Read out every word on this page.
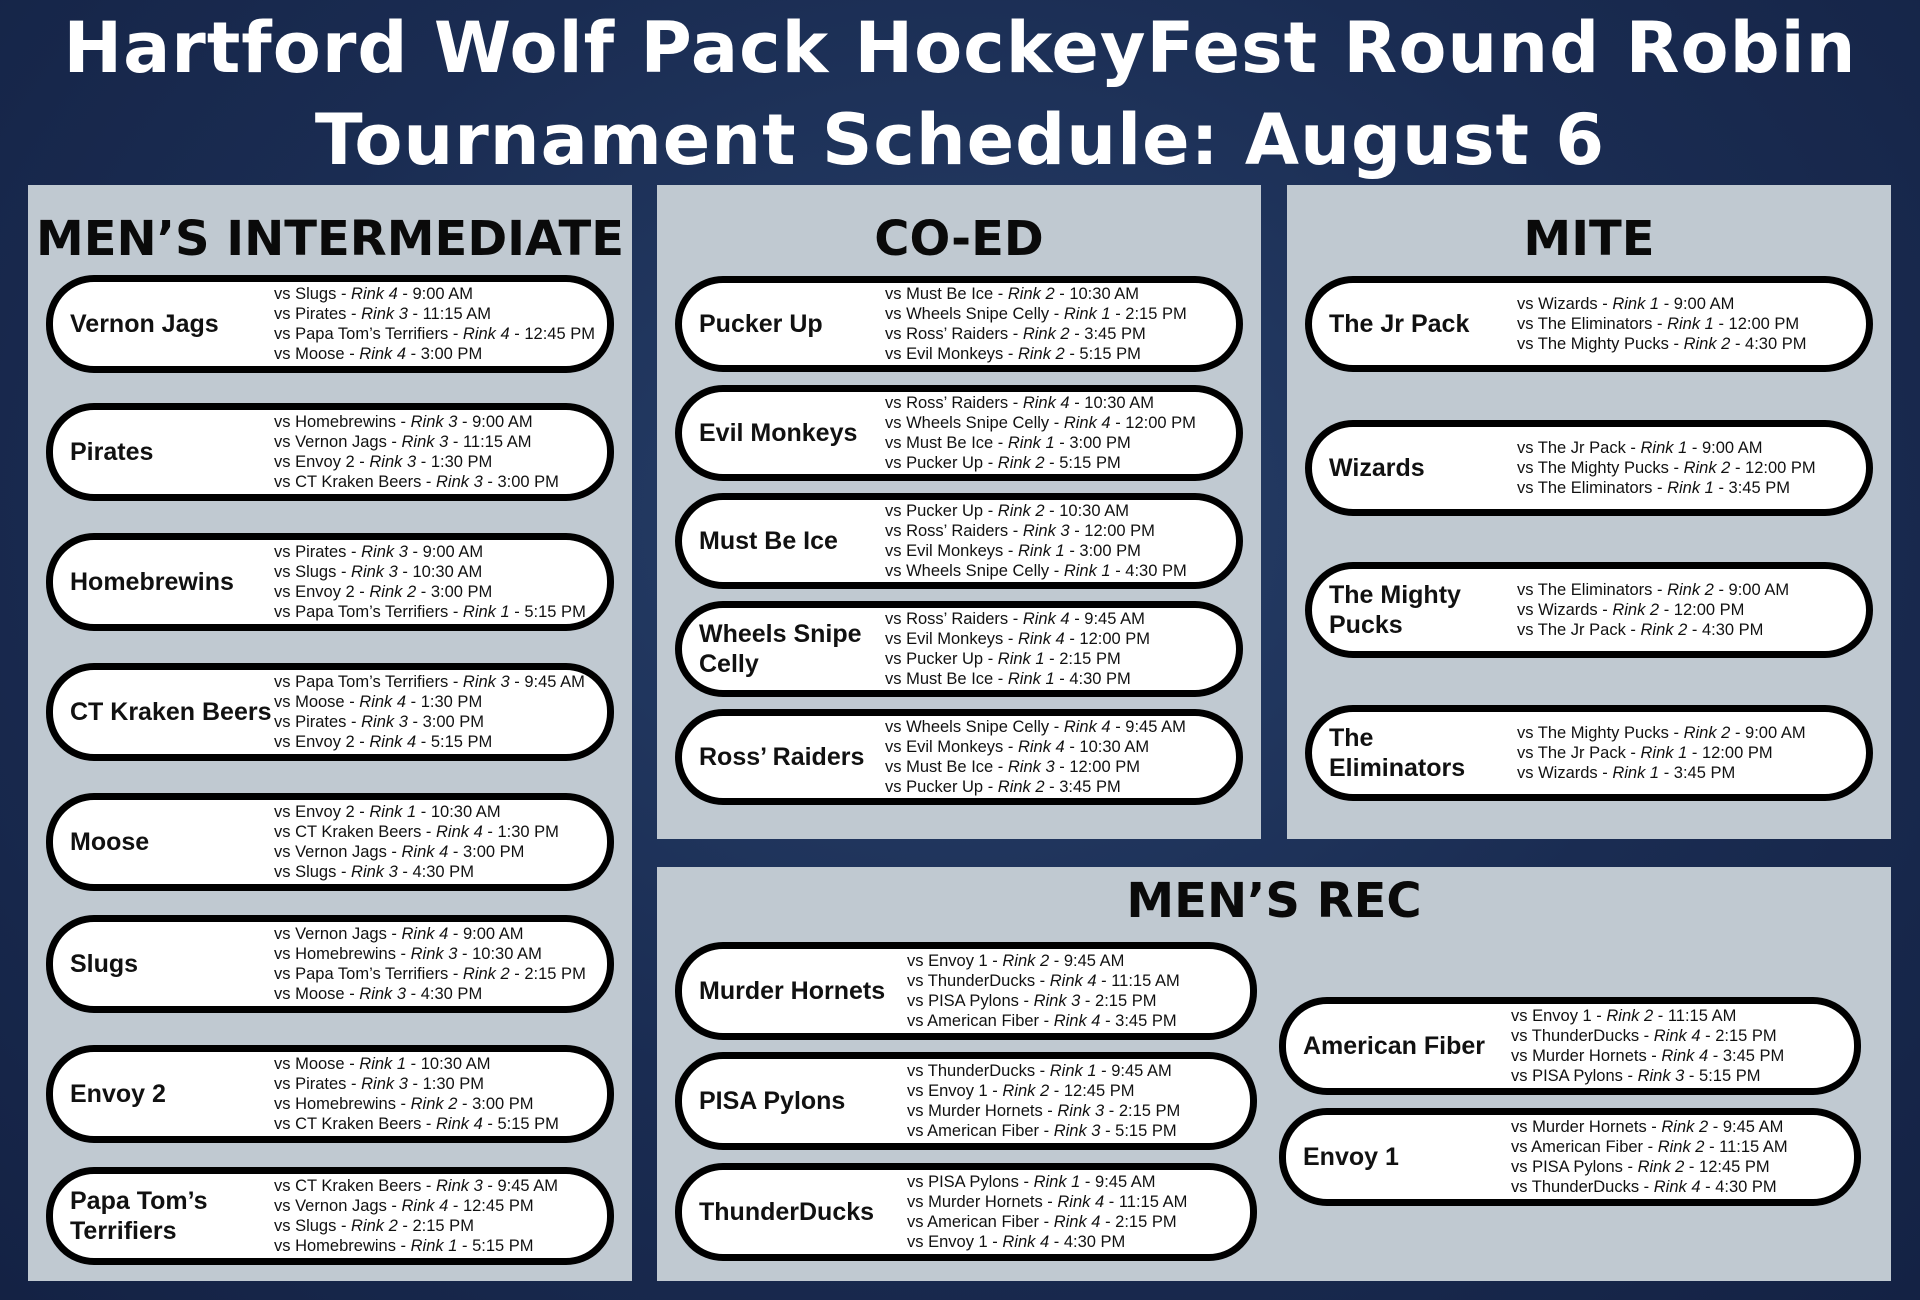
Hartford Wolf Pack HockeyFest Round Robin
Tournament Schedule: August 6
MEN’S INTERMEDIATE
Vernon Jags
vs Slugs - Rink 4 - 9:00 AM
vs Pirates - Rink 3 - 11:15 AM
vs Papa Tom’s Terrifiers - Rink 4 - 12:45 PM
vs Moose - Rink 4 - 3:00 PM
Pirates
vs Homebrewins - Rink 3 - 9:00 AM
vs Vernon Jags - Rink 3 - 11:15 AM
vs Envoy 2 - Rink 3 - 1:30 PM
vs CT Kraken Beers - Rink 3 - 3:00 PM
Homebrewins
vs Pirates - Rink 3 - 9:00 AM
vs Slugs - Rink 3 - 10:30 AM
vs Envoy 2 - Rink 2 - 3:00 PM
vs Papa Tom’s Terrifiers - Rink 1 - 5:15 PM
CT Kraken Beers
vs Papa Tom’s Terrifiers - Rink 3 - 9:45 AM
vs Moose - Rink 4 - 1:30 PM
vs Pirates - Rink 3 - 3:00 PM
vs Envoy 2 - Rink 4 - 5:15 PM
Moose
vs Envoy 2 - Rink 1 - 10:30 AM
vs CT Kraken Beers - Rink 4 - 1:30 PM
vs Vernon Jags - Rink 4 - 3:00 PM
vs Slugs - Rink 3 - 4:30 PM
Slugs
vs Vernon Jags - Rink 4 - 9:00 AM
vs Homebrewins - Rink 3 - 10:30 AM
vs Papa Tom’s Terrifiers - Rink 2 - 2:15 PM
vs Moose - Rink 3 - 4:30 PM
Envoy 2
vs Moose - Rink 1 - 10:30 AM
vs Pirates - Rink 3 - 1:30 PM
vs Homebrewins - Rink 2 - 3:00 PM
vs CT Kraken Beers - Rink 4 - 5:15 PM
Papa Tom’s Terrifiers
vs CT Kraken Beers - Rink 3 - 9:45 AM
vs Vernon Jags - Rink 4 - 12:45 PM
vs Slugs - Rink 2 - 2:15 PM
vs Homebrewins - Rink 1 - 5:15 PM
CO-ED
Pucker Up
vs Must Be Ice - Rink 2 - 10:30 AM
vs Wheels Snipe Celly - Rink 1 - 2:15 PM
vs Ross’ Raiders - Rink 2 - 3:45 PM
vs Evil Monkeys - Rink 2 - 5:15 PM
Evil Monkeys
vs Ross’ Raiders - Rink 4 - 10:30 AM
vs Wheels Snipe Celly - Rink 4 - 12:00 PM
vs Must Be Ice - Rink 1 - 3:00 PM
vs Pucker Up - Rink 2 - 5:15 PM
Must Be Ice
vs Pucker Up - Rink 2 - 10:30 AM
vs Ross’ Raiders - Rink 3 - 12:00 PM
vs Evil Monkeys - Rink 1 - 3:00 PM
vs Wheels Snipe Celly - Rink 1 - 4:30 PM
Wheels Snipe Celly
vs Ross’ Raiders - Rink 4 - 9:45 AM
vs Evil Monkeys - Rink 4 - 12:00 PM
vs Pucker Up - Rink 1 - 2:15 PM
vs Must Be Ice - Rink 1 - 4:30 PM
Ross’ Raiders
vs Wheels Snipe Celly - Rink 4 - 9:45 AM
vs Evil Monkeys - Rink 4 - 10:30 AM
vs Must Be Ice - Rink 3 - 12:00 PM
vs Pucker Up - Rink 2 - 3:45 PM
MITE
The Jr Pack
vs Wizards - Rink 1 - 9:00 AM
vs The Eliminators - Rink 1 - 12:00 PM
vs The Mighty Pucks - Rink 2 - 4:30 PM
Wizards
vs The Jr Pack - Rink 1 - 9:00 AM
vs The Mighty Pucks - Rink 2 - 12:00 PM
vs The Eliminators - Rink 1 - 3:45 PM
The Mighty Pucks
vs The Eliminators - Rink 2 - 9:00 AM
vs Wizards - Rink 2 - 12:00 PM
vs The Jr Pack - Rink 2 - 4:30 PM
The Eliminators
vs The Mighty Pucks - Rink 2 - 9:00 AM
vs The Jr Pack - Rink 1 - 12:00 PM
vs Wizards - Rink 1 - 3:45 PM
MEN’S REC
Murder Hornets
vs Envoy 1 - Rink 2 - 9:45 AM
vs ThunderDucks - Rink 4 - 11:15 AM
vs PISA Pylons - Rink 3 - 2:15 PM
vs American Fiber - Rink 4 - 3:45 PM
PISA Pylons
vs ThunderDucks - Rink 1 - 9:45 AM
vs Envoy 1 - Rink 2 - 12:45 PM
vs Murder Hornets - Rink 3 - 2:15 PM
vs American Fiber - Rink 3 - 5:15 PM
ThunderDucks
vs PISA Pylons - Rink 1 - 9:45 AM
vs Murder Hornets - Rink 4 - 11:15 AM
vs American Fiber - Rink 4 - 2:15 PM
vs Envoy 1 - Rink 4 - 4:30 PM
American Fiber
vs Envoy 1 - Rink 2 - 11:15 AM
vs ThunderDucks - Rink 4 - 2:15 PM
vs Murder Hornets - Rink 4 - 3:45 PM
vs PISA Pylons - Rink 3 - 5:15 PM
Envoy 1
vs Murder Hornets - Rink 2 - 9:45 AM
vs American Fiber - Rink 2 - 11:15 AM
vs PISA Pylons - Rink 2 - 12:45 PM
vs ThunderDucks - Rink 4 - 4:30 PM
